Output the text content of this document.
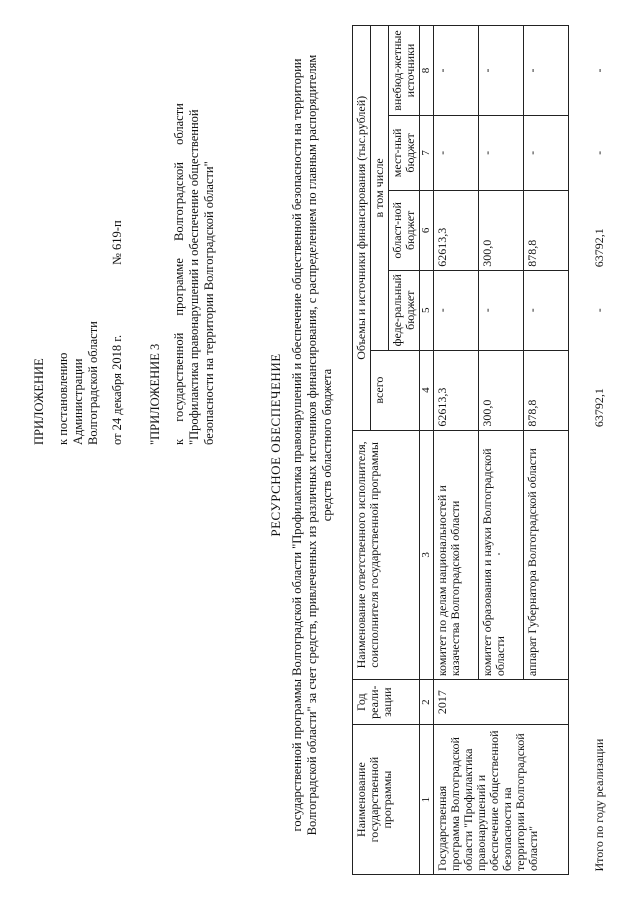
ПРИЛОЖЕНИЕ к постановлению Администрации Волгоградской области от 24 декабря 2018 г.
№ 619-п
"ПРИЛОЖЕНИЕ 3 к государственной программе Волгоградской области "Профилактика правонарушений и обеспечение общественной безопасности на территории Волгоградской области"	РЕСУРСНОЕ ОБЕСПЕЧЕНИЕ государственной программы Волгоградской области "Профилактика правонарушений и обеспечение общественной безопасности на территории Волгоградской области" за счет средств, привлеченных из различных источников финансирования, с распределением по главным распорядителям средств областного бюджета
Наименование государственной программы	Год реали-зации	Наименование ответственного исполнителя, соисполнителя государственной программы	Объемы и источники финансирования (тыс.рублей)				
			всего	в том числе			
				феде-ральный бюджет	област-ной бюджет	мест-ный бюджет	внебюд-жетные источники
1	2	3	4	5	6	7	8
Государственная программа Волгоградской области "Профилактика правонарушений и обеспечение общественной безопасности на территории Волгоградской области"	2017	комитет по делам национальностей и казачества Волгоградской области	62613,3	-	62613,3	-	-
		комитет образования и науки Волгоградской области	300,0	-	300,0	-	-
		аппарат Губернатора Волгоградской области	878,8	-	878,8	-	-
Итого по году реализации			63792,1	-	63792,1	-	-
